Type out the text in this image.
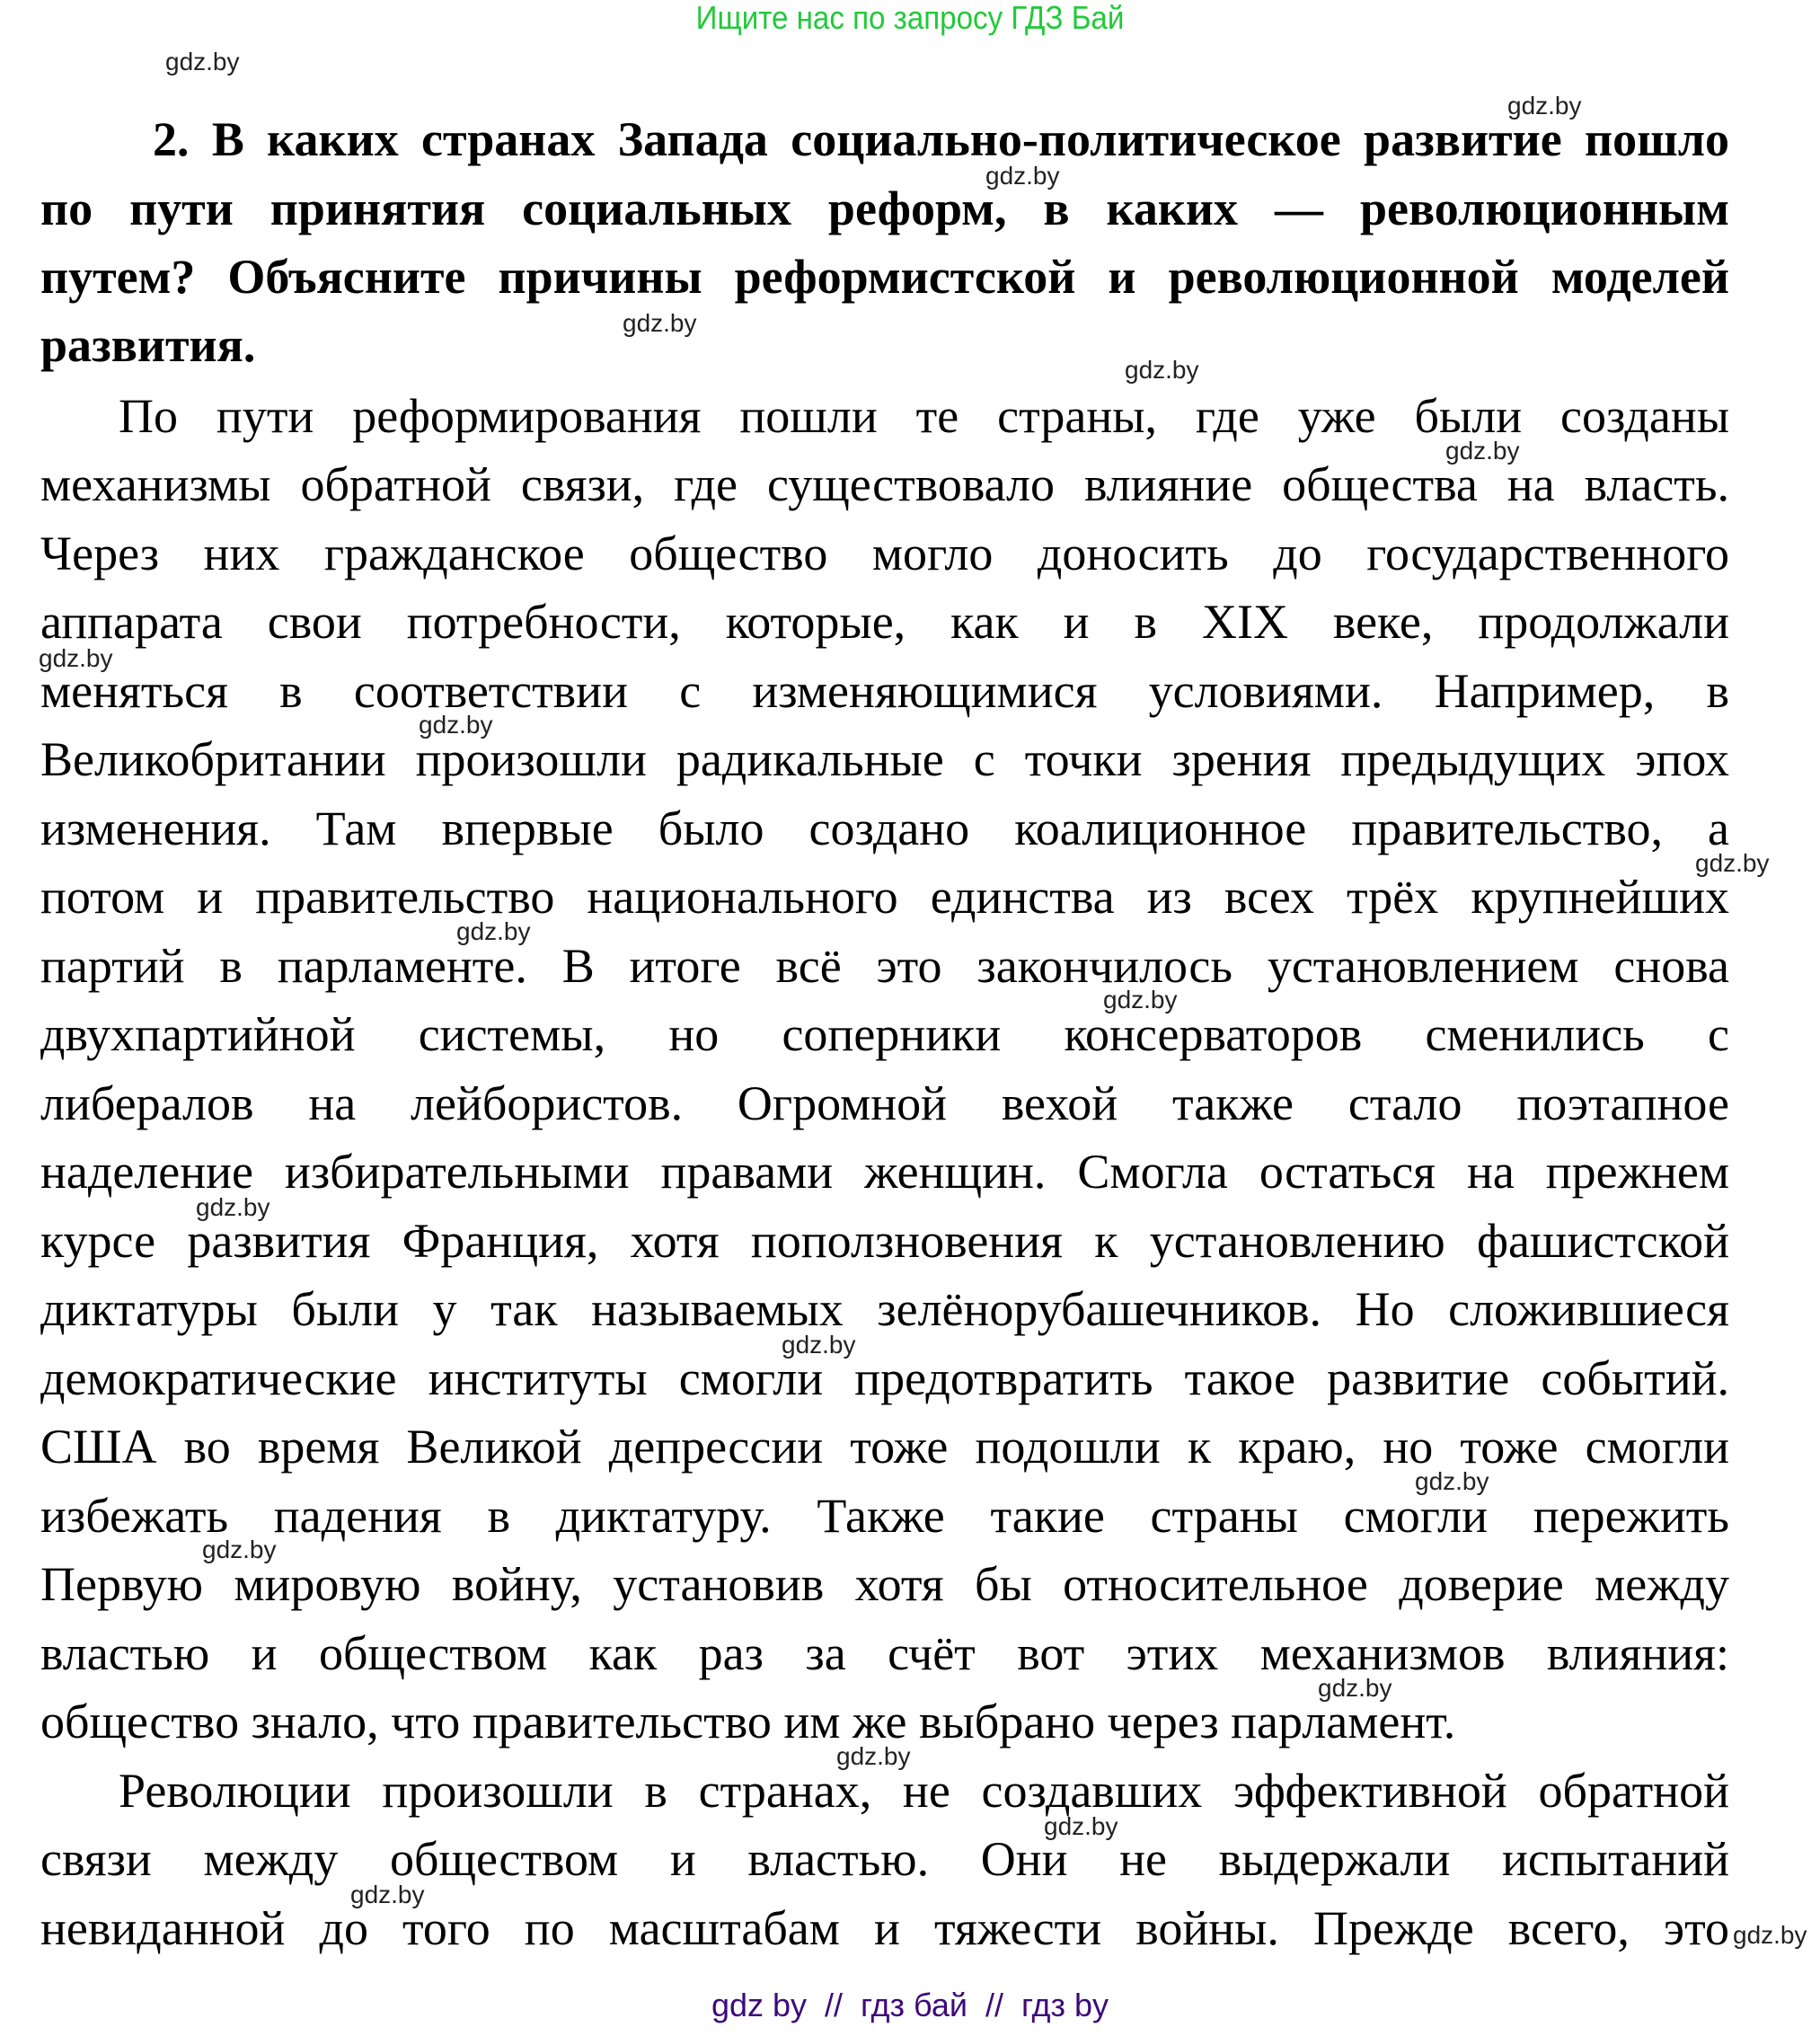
Ищите нас по запросу ГДЗ Бай
2. В каких странах Запада социально-политическое развитие пошло
по пути принятия социальных реформ, в каких — революционным
путем? Объясните причины реформистской и революционной моделей
развития.
По пути реформирования пошли те страны, где уже были созданы
механизмы обратной связи, где существовало влияние общества на власть.
Через них гражданское общество могло доносить до государственного
аппарата свои потребности, которые, как и в XIX веке, продолжали
меняться в соответствии с изменяющимися условиями. Например, в
Великобритании произошли радикальные с точки зрения предыдущих эпох
изменения. Там впервые было создано коалиционное правительство, а
потом и правительство национального единства из всех трёх крупнейших
партий в парламенте. В итоге всё это закончилось установлением снова
двухпартийной системы, но соперники консерваторов сменились с
либералов на лейбористов. Огромной вехой также стало поэтапное
наделение избирательными правами женщин. Смогла остаться на прежнем
курсе развития Франция, хотя поползновения к установлению фашистской
диктатуры были у так называемых зелёнорубашечников. Но сложившиеся
демократические институты смогли предотвратить такое развитие событий.
США во время Великой депрессии тоже подошли к краю, но тоже смогли
избежать падения в диктатуру. Также такие страны смогли пережить
Первую мировую войну, установив хотя бы относительное доверие между
властью и обществом как раз за счёт вот этих механизмов влияния:
общество знало, что правительство им же выбрано через парламент.
Революции произошли в странах, не создавших эффективной обратной
связи между обществом и властью. Они не выдержали испытаний
невиданной до того по масштабам и тяжести войны. Прежде всего, это
gdz.by
gdz.by
gdz.by
gdz.by
gdz.by
gdz.by
gdz.by
gdz.by
gdz.by
gdz.by
gdz.by
gdz.by
gdz.by
gdz.by
gdz.by
gdz.by
gdz.by
gdz.by
gdz.by
gdz.by
gdz by  //  гдз бай  //  гдз by
